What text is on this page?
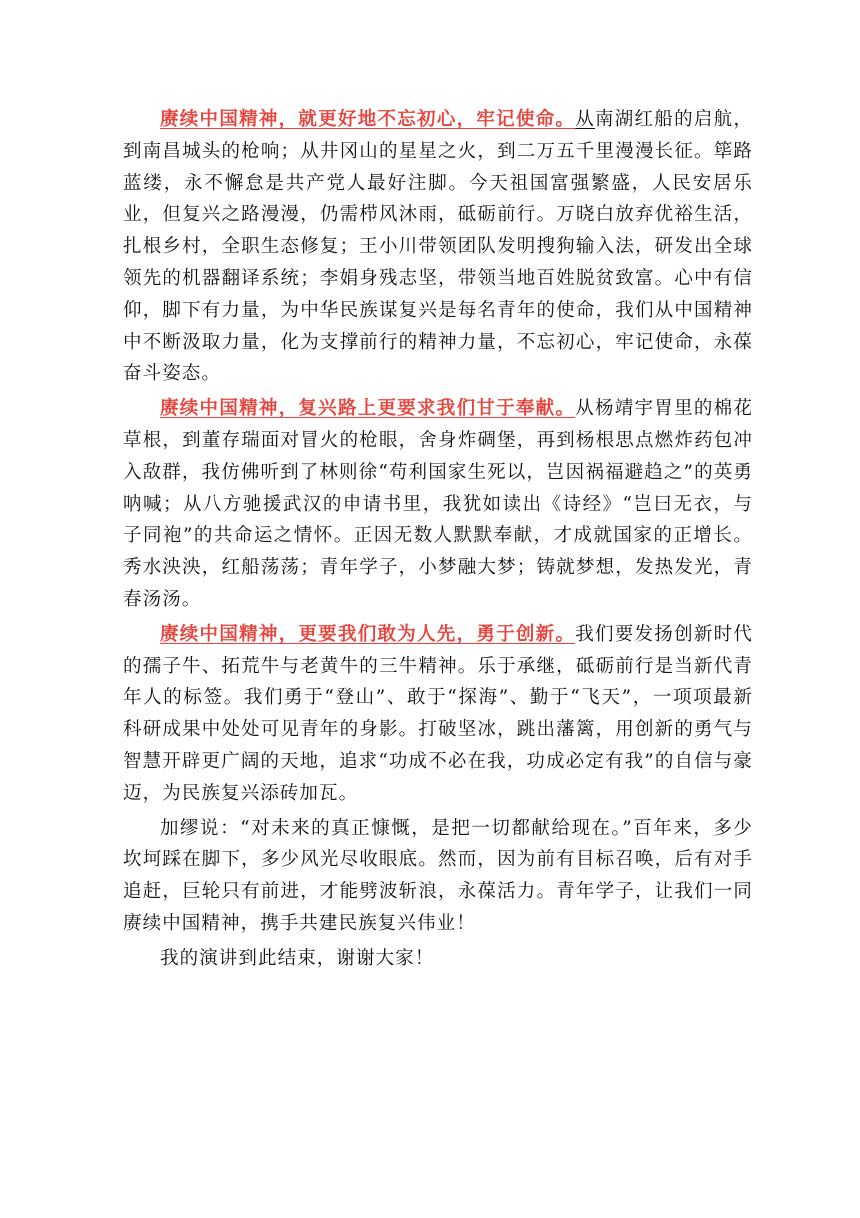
赓续中国精神，就更好地不忘初心，牢记使命。从南湖红船的启航，到南昌城头的枪响；从井冈山的星星之火，到二万五千里漫漫长征。筚路蓝缕，永不懈怠是共产党人最好注脚。今天祖国富强繁盛，人民安居乐业，但复兴之路漫漫，仍需栉风沐雨，砥砺前行。万晓白放弃优裕生活，扎根乡村，全职生态修复；王小川带领团队发明搜狗输入法，研发出全球领先的机器翻译系统；李娟身残志坚，带领当地百姓脱贫致富。心中有信仰，脚下有力量，为中华民族谋复兴是每名青年的使命，我们从中国精神中不断汲取力量，化为支撑前行的精神力量，不忘初心，牢记使命，永葆奋斗姿态。

赓续中国精神，复兴路上更要求我们甘于奉献。从杨靖宇胃里的棉花草根，到董存瑞面对冒火的枪眼，舍身炸碉堡，再到杨根思点燃炸药包冲入敌群，我仿佛听到了林则徐“苟利国家生死以，岂因祸福避趋之”的英勇呐喊；从八方驰援武汉的申请书里，我犹如读出《诗经》“岂曰无衣，与子同袍”的共命运之情怀。正因无数人默默奉献，才成就国家的正增长。秀水泱泱，红船荡荡；青年学子，小梦融大梦；铸就梦想，发热发光，青春汤汤。

赓续中国精神，更要我们敢为人先，勇于创新。我们要发扬创新时代的孺子牛、拓荒牛与老黄牛的三牛精神。乐于承继，砥砺前行是当新代青年人的标签。我们勇于“登山”、敢于“探海”、勤于“飞天”，一项项最新科研成果中处处可见青年的身影。打破坚冰，跳出藩篱，用创新的勇气与智慧开辟更广阔的天地，追求“功成不必在我，功成必定有我”的自信与豪迈，为民族复兴添砖加瓦。

加缪说：“对未来的真正慷慨，是把一切都献给现在。”百年来，多少坎坷踩在脚下，多少风光尽收眼底。然而，因为前有目标召唤，后有对手追赶，巨轮只有前进，才能劈波斩浪，永葆活力。青年学子，让我们一同赓续中国精神，携手共建民族复兴伟业！

我的演讲到此结束，谢谢大家！
